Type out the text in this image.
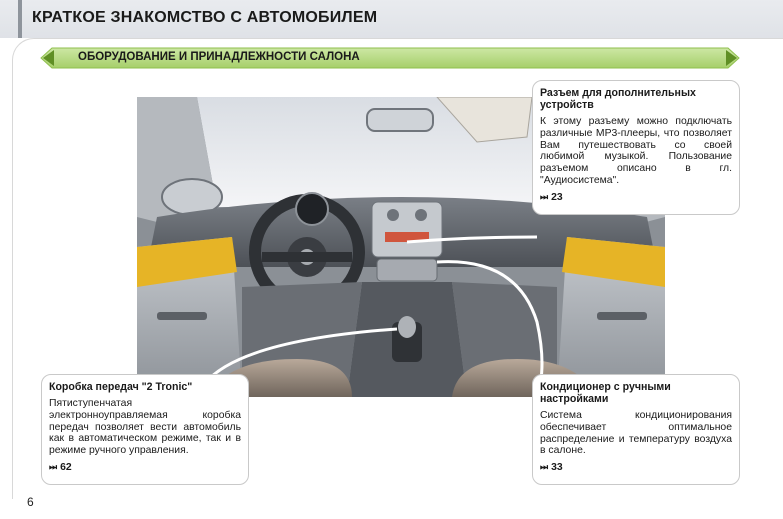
КРАТКОЕ ЗНАКОМСТВО С АВТОМОБИЛЕМ
ОБОРУДОВАНИЕ И ПРИНАДЛЕЖНОСТИ САЛОНА
Разъем для дополнительных устройств
К этому разъему можно подключать различные MP3-плееры, что позволяет Вам путешествовать со своей любимой музыкой. Пользование разъемом описано в гл. "Аудиосистема".
⏭ 23
Коробка передач "2 Tronic"
Пятиступенчатая электронноуправляемая коробка передач позволяет вести автомобиль как в автоматическом режиме, так и в режиме ручного управления.
⏭ 62
Кондиционер с ручными настройками
Система кондиционирования обеспечивает оптимальное распределение и температуру воздуха в салоне.
⏭ 33
6
